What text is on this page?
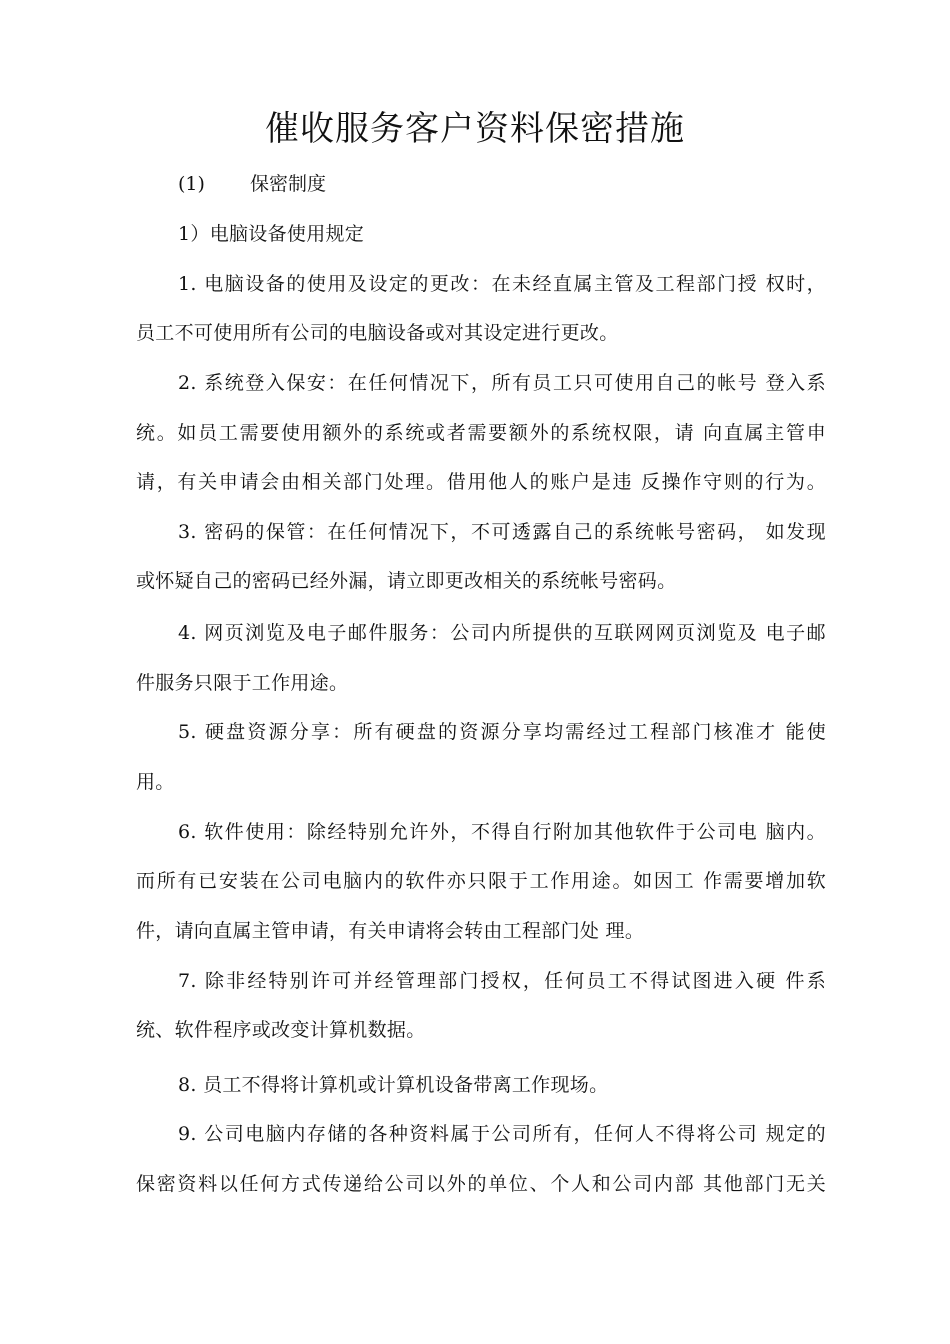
催收服务客户资料保密措施
(1) 保密制度
1）电脑设备使用规定
1. 电脑设备的使用及设定的更改：在未经直属主管及工程部门授 权时，
员工不可使用所有公司的电脑设备或对其设定进行更改。
2. 系统登入保安：在任何情况下，所有员工只可使用自己的帐号 登入系
统。如员工需要使用额外的系统或者需要额外的系统权限，请 向直属主管申
请，有关申请会由相关部门处理。借用他人的账户是违 反操作守则的行为。
3. 密码的保管：在任何情况下，不可透露自己的系统帐号密码， 如发现
或怀疑自己的密码已经外漏，请立即更改相关的系统帐号密码。
4. 网页浏览及电子邮件服务：公司内所提供的互联网网页浏览及 电子邮
件服务只限于工作用途。
5. 硬盘资源分享：所有硬盘的资源分享均需经过工程部门核准才 能使
用。
6. 软件使用：除经特别允许外，不得自行附加其他软件于公司电 脑内。
而所有已安装在公司电脑内的软件亦只限于工作用途。如因工 作需要增加软
件，请向直属主管申请，有关申请将会转由工程部门处 理。
7. 除非经特别许可并经管理部门授权，任何员工不得试图进入硬 件系
统、软件程序或改变计算机数据。
8. 员工不得将计算机或计算机设备带离工作现场。
9. 公司电脑内存储的各种资料属于公司所有，任何人不得将公司 规定的
保密资料以任何方式传递给公司以外的单位、个人和公司内部 其他部门无关
